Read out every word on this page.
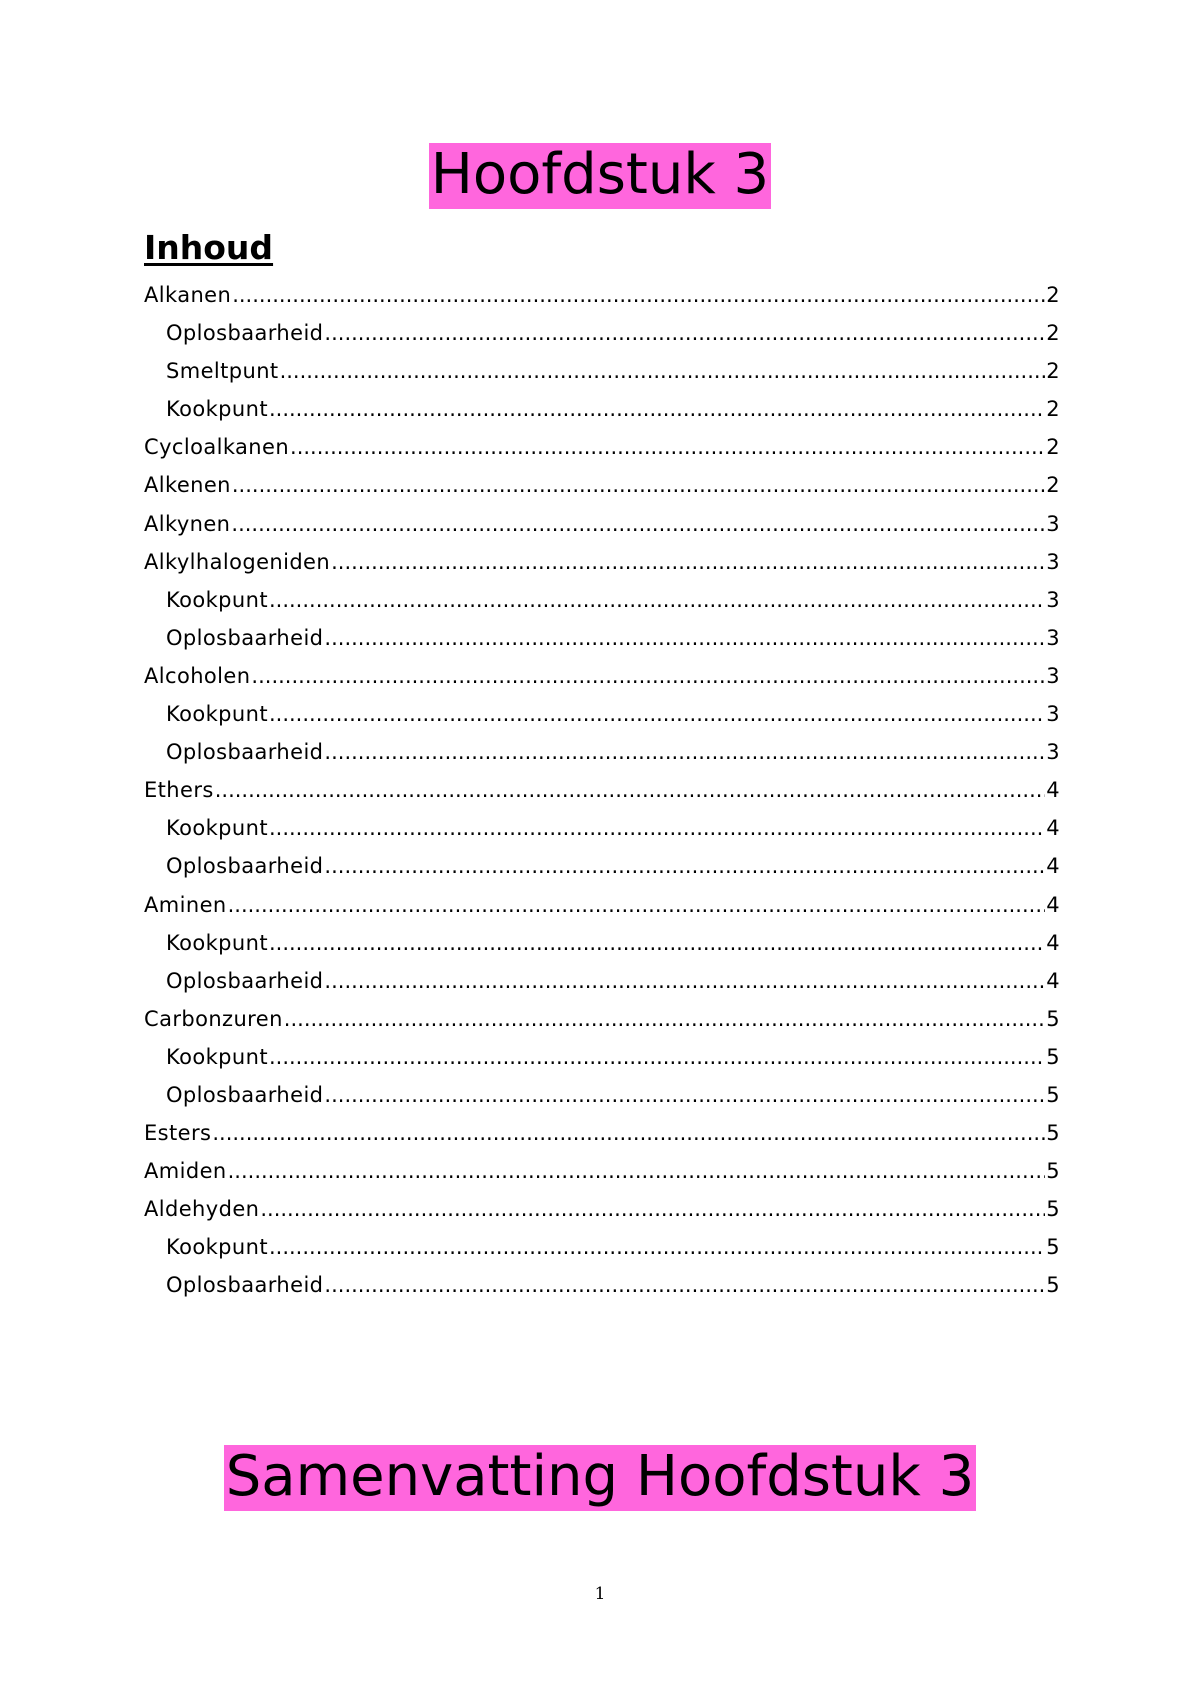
Hoofdstuk 3
Inhoud
Alkanen .....	2
Oplosbaarheid .....	2
Smeltpunt .....	2
Kookpunt .....	2
Cycloalkanen .....	2
Alkenen .....	2
Alkynen .....	3
Alkylhalogeniden .....	3
Kookpunt .....	3
Oplosbaarheid .....	3
Alcoholen .....	3
Kookpunt .....	3
Oplosbaarheid .....	3
Ethers .....	4
Kookpunt .....	4
Oplosbaarheid .....	4
Aminen .....	4
Kookpunt .....	4
Oplosbaarheid .....	4
Carbonzuren .....	5
Kookpunt .....	5
Oplosbaarheid .....	5
Esters .....	5
Amiden .....	5
Aldehyden .....	5
Kookpunt .....	5
Oplosbaarheid .....	5
Samenvatting Hoofdstuk 3
1
